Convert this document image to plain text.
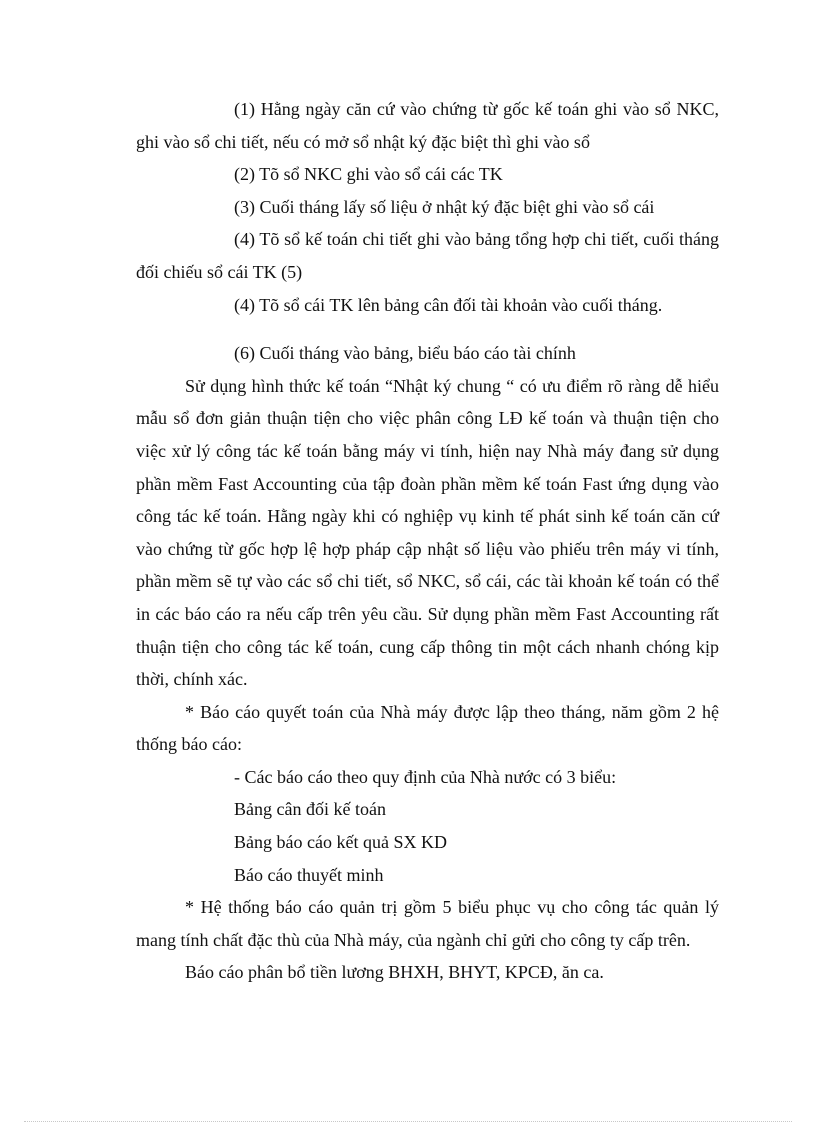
(1) Hằng ngày căn cứ vào chứng từ gốc kế toán ghi vào sổ NKC, ghi vào sổ chi tiết, nếu có mở sổ nhật ký đặc biệt thì ghi vào sổ

(2) Tõ sổ NKC ghi vào sổ cái các TK

(3) Cuối tháng lấy số liệu ở nhật ký đặc biệt ghi vào sổ cái

(4) Tõ sổ kế toán chi tiết ghi vào bảng tổng hợp chi tiết, cuối tháng đối chiếu sổ cái TK (5)

(4) Tõ sổ cái TK lên bảng cân đối tài khoản vào cuối tháng.

(6) Cuối tháng vào bảng, biểu báo cáo tài chính

Sử dụng hình thức kế toán “Nhật ký chung “ có ưu điểm rõ ràng dễ hiểu mẫu sổ đơn giản thuận tiện cho việc phân công LĐ kế toán và thuận tiện cho việc xử lý công tác kế toán bằng máy vi tính, hiện nay Nhà máy đang sử dụng phần mềm Fast Accounting của tập đoàn phần mềm kế toán Fast ứng dụng vào công tác kế toán. Hằng ngày khi có nghiệp vụ kinh tế phát sinh kế toán căn cứ vào chứng từ gốc hợp lệ hợp pháp cập nhật số liệu vào phiếu trên máy vi tính, phần mềm sẽ tự vào các sổ chi tiết, sổ NKC, sổ cái, các tài khoản kế toán có thể in các báo cáo ra nếu cấp trên yêu cầu. Sử dụng phần mềm Fast Accounting rất thuận tiện cho công tác kế toán, cung cấp thông tin một cách nhanh chóng kịp thời, chính xác.

* Báo cáo quyết toán của Nhà máy được lập theo tháng, năm gồm 2 hệ thống báo cáo:

- Các báo cáo theo quy định của Nhà nước có 3 biểu:

Bảng cân đối kế toán

Bảng báo cáo kết quả SX KD

Báo cáo thuyết minh

* Hệ thống báo cáo quản trị gồm 5 biểu phục vụ cho công tác quản lý mang tính chất đặc thù của Nhà máy, của ngành chỉ gửi cho công ty cấp trên.

Báo cáo phân bổ tiền lương BHXH, BHYT, KPCĐ, ăn ca.
